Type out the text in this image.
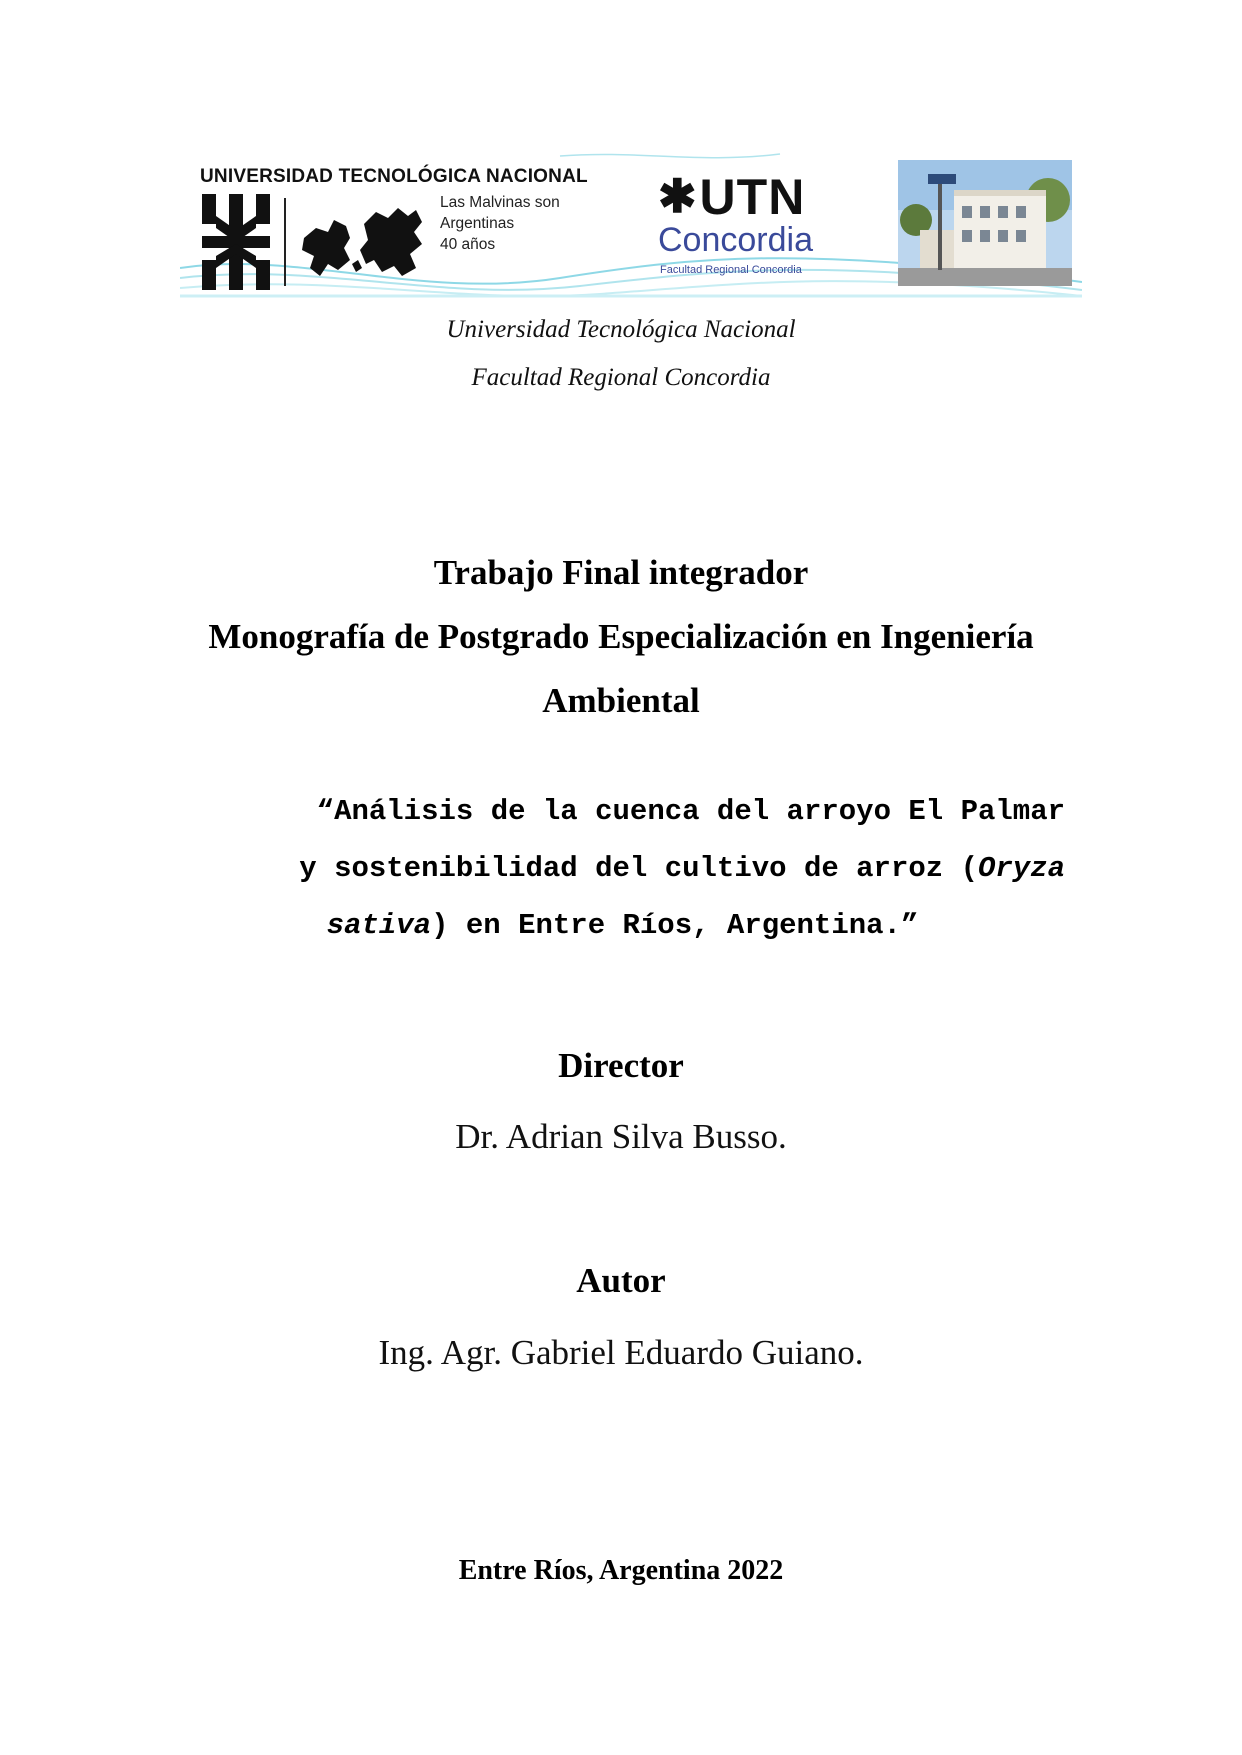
UNIVERSIDAD TECNOLÓGICA NACIONAL
Las Malvinas son
Argentinas
40 años
✱UTN
Concordia
Facultad Regional Concordia
Universidad Tecnológica Nacional
Facultad Regional Concordia
Trabajo Final integrador
Monografía de Postgrado Especialización en Ingeniería
Ambiental
“Análisis de la cuenca del arroyo El Palmar
y sostenibilidad del cultivo de arroz (Oryza
sativa) en Entre Ríos, Argentina.”
Director
Dr. Adrian Silva Busso.
Autor
Ing. Agr. Gabriel Eduardo Guiano.
Entre Ríos, Argentina 2022
